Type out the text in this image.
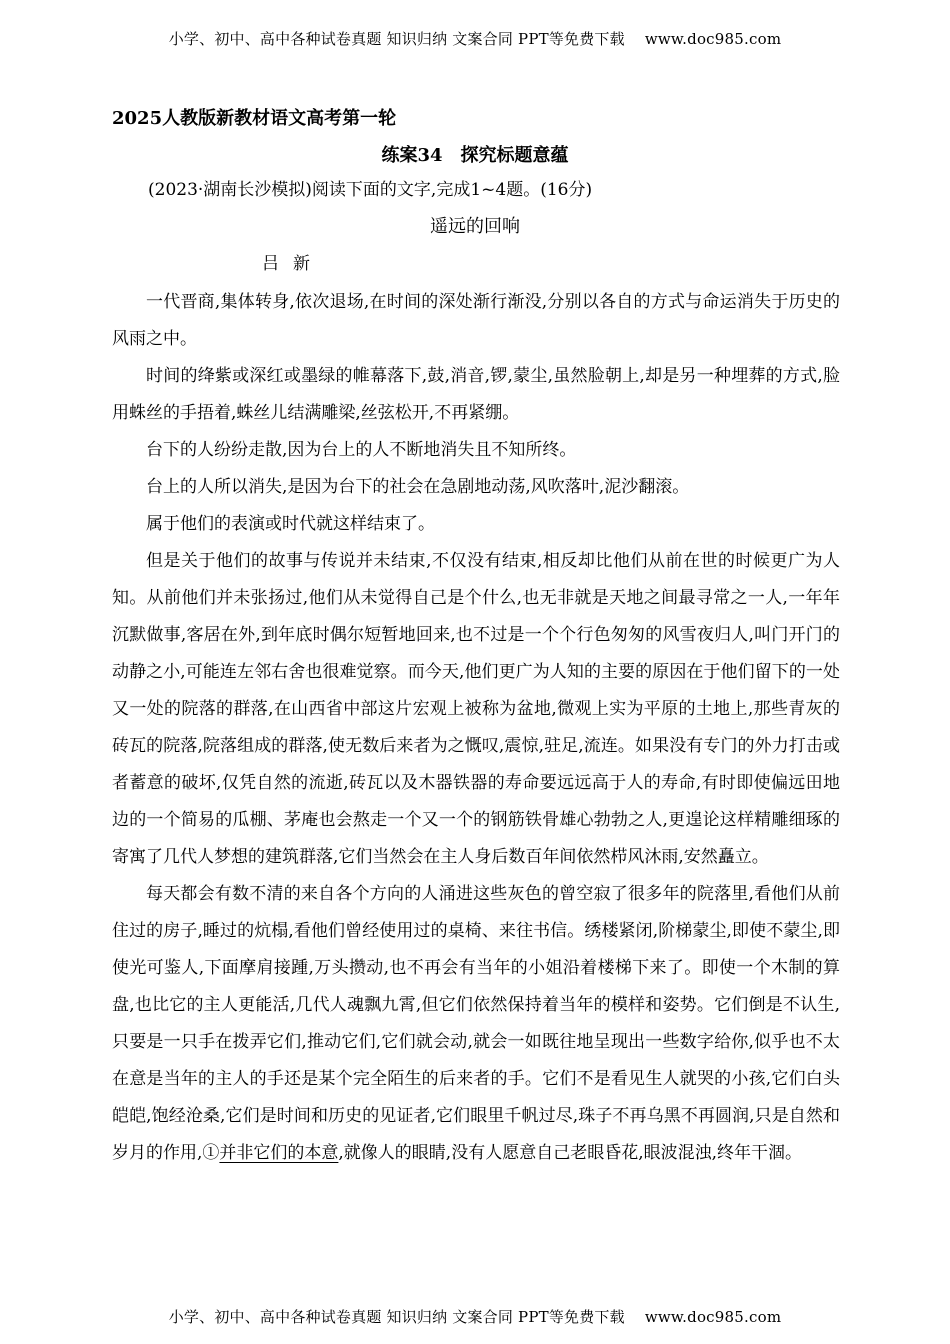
小学、初中、高中各种试卷真题 知识归纳 文案合同 PPT等免费下载 www.doc985.com
2025人教版新教材语文高考第一轮
练案34　探究标题意蕴
(2023·湖南长沙模拟)阅读下面的文字,完成1~4题。(16分)
遥远的回响
吕新

一代晋商,集体转身,依次退场,在时间的深处渐行渐没,分别以各自的方式与命运消失于历史的风雨之中。

时间的绛紫或深红或墨绿的帷幕落下,鼓,消音,锣,蒙尘,虽然脸朝上,却是另一种埋葬的方式,脸用蛛丝的手捂着,蛛丝儿结满雕梁,丝弦松开,不再紧绷。

台下的人纷纷走散,因为台上的人不断地消失且不知所终。

台上的人所以消失,是因为台下的社会在急剧地动荡,风吹落叶,泥沙翻滚。

属于他们的表演或时代就这样结束了。

但是关于他们的故事与传说并未结束,不仅没有结束,相反却比他们从前在世的时候更广为人知。从前他们并未张扬过,他们从未觉得自己是个什么,也无非就是天地之间最寻常之一人,一年年沉默做事,客居在外,到年底时偶尔短暂地回来,也不过是一个个行色匆匆的风雪夜归人,叫门开门的动静之小,可能连左邻右舍也很难觉察。而今天,他们更广为人知的主要的原因在于他们留下的一处又一处的院落的群落,在山西省中部这片宏观上被称为盆地,微观上实为平原的土地上,那些青灰的砖瓦的院落,院落组成的群落,使无数后来者为之慨叹,震惊,驻足,流连。如果没有专门的外力打击或者蓄意的破坏,仅凭自然的流逝,砖瓦以及木器铁器的寿命要远远高于人的寿命,有时即使偏远田地边的一个简易的瓜棚、茅庵也会熬走一个又一个的钢筋铁骨雄心勃勃之人,更遑论这样精雕细琢的寄寓了几代人梦想的建筑群落,它们当然会在主人身后数百年间依然栉风沐雨,安然矗立。

每天都会有数不清的来自各个方向的人涌进这些灰色的曾空寂了很多年的院落里,看他们从前住过的房子,睡过的炕榻,看他们曾经使用过的桌椅、来往书信。绣楼紧闭,阶梯蒙尘,即使不蒙尘,即使光可鉴人,下面摩肩接踵,万头攒动,也不再会有当年的小姐沿着楼梯下来了。即使一个木制的算盘,也比它的主人更能活,几代人魂飘九霄,但它们依然保持着当年的模样和姿势。它们倒是不认生,只要是一只手在拨弄它们,推动它们,它们就会动,就会一如既往地呈现出一些数字给你,似乎也不太在意是当年的主人的手还是某个完全陌生的后来者的手。它们不是看见生人就哭的小孩,它们白头皑皑,饱经沧桑,它们是时间和历史的见证者,它们眼里千帆过尽,珠子不再乌黑不再圆润,只是自然和岁月的作用,①并非它们的本意,就像人的眼睛,没有人愿意自己老眼昏花,眼波混浊,终年干涸。

小学、初中、高中各种试卷真题 知识归纳 文案合同 PPT等免费下载 www.doc985.com
